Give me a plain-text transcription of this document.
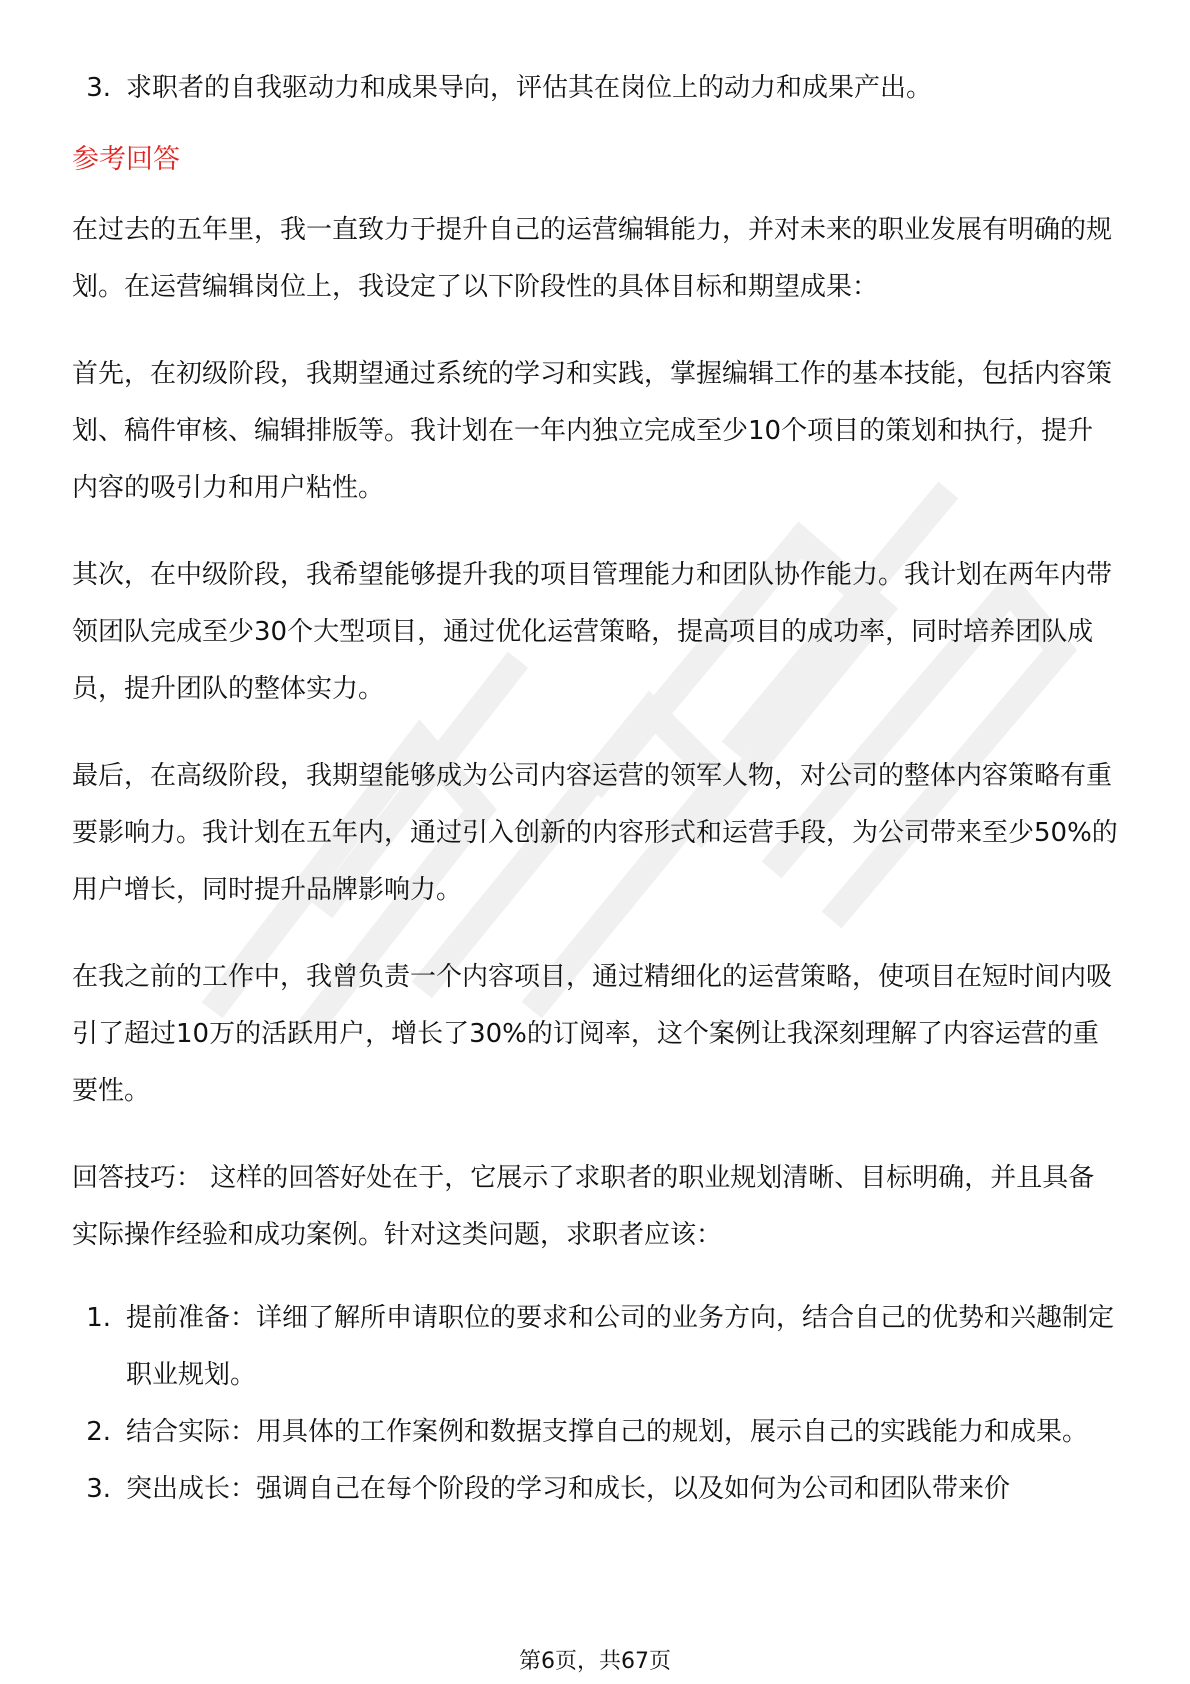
3. 求职者的自我驱动力和成果导向，评估其在岗位上的动力和成果产出。
参考回答

在过去的五年里，我一直致力于提升自己的运营编辑能力，并对未来的职业发展有明确的规划。在运营编辑岗位上，我设定了以下阶段性的具体目标和期望成果：

首先，在初级阶段，我期望通过系统的学习和实践，掌握编辑工作的基本技能，包括内容策划、稿件审核、编辑排版等。我计划在一年内独立完成至少10个项目的策划和执行，提升内容的吸引力和用户粘性。

其次，在中级阶段，我希望能够提升我的项目管理能力和团队协作能力。我计划在两年内带领团队完成至少30个大型项目，通过优化运营策略，提高项目的成功率，同时培养团队成员，提升团队的整体实力。

最后，在高级阶段，我期望能够成为公司内容运营的领军人物，对公司的整体内容策略有重要影响力。我计划在五年内，通过引入创新的内容形式和运营手段，为公司带来至少50%的用户增长，同时提升品牌影响力。

在我之前的工作中，我曾负责一个内容项目，通过精细化的运营策略，使项目在短时间内吸引了超过10万的活跃用户，增长了30%的订阅率，这个案例让我深刻理解了内容运营的重要性。

回答技巧： 这样的回答好处在于，它展示了求职者的职业规划清晰、目标明确，并且具备实际操作经验和成功案例。针对这类问题，求职者应该：

1. 提前准备：详细了解所申请职位的要求和公司的业务方向，结合自己的优势和兴趣制定职业规划。
2. 结合实际：用具体的工作案例和数据支撑自己的规划，展示自己的实践能力和成果。
3. 突出成长：强调自己在每个阶段的学习和成长，以及如何为公司和团队带来价
第6页，共67页
